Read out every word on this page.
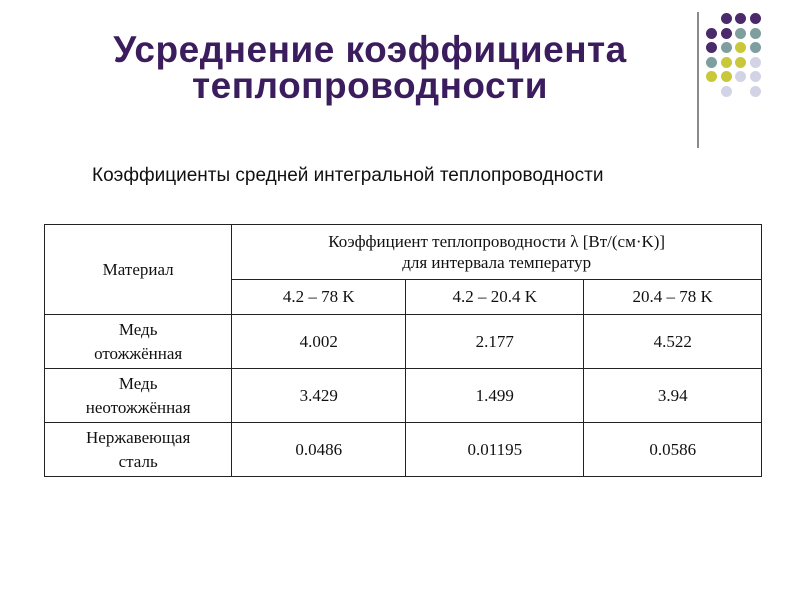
Усреднение коэффициента
теплопроводности
Коэффициенты средней интегральной теплопроводности
Материал	Коэффициент теплопроводности λ [Вт/(см·K)]
для интервала температур		

	4.2 – 78 K	4.2 – 20.4 K	20.4 – 78 K

Медь
отожжённая	4.002	2.177	4.522

Медь
неотожжённая	3.429	1.499	3.94

Нержавеющая
сталь	0.0486	0.01195	0.0586
